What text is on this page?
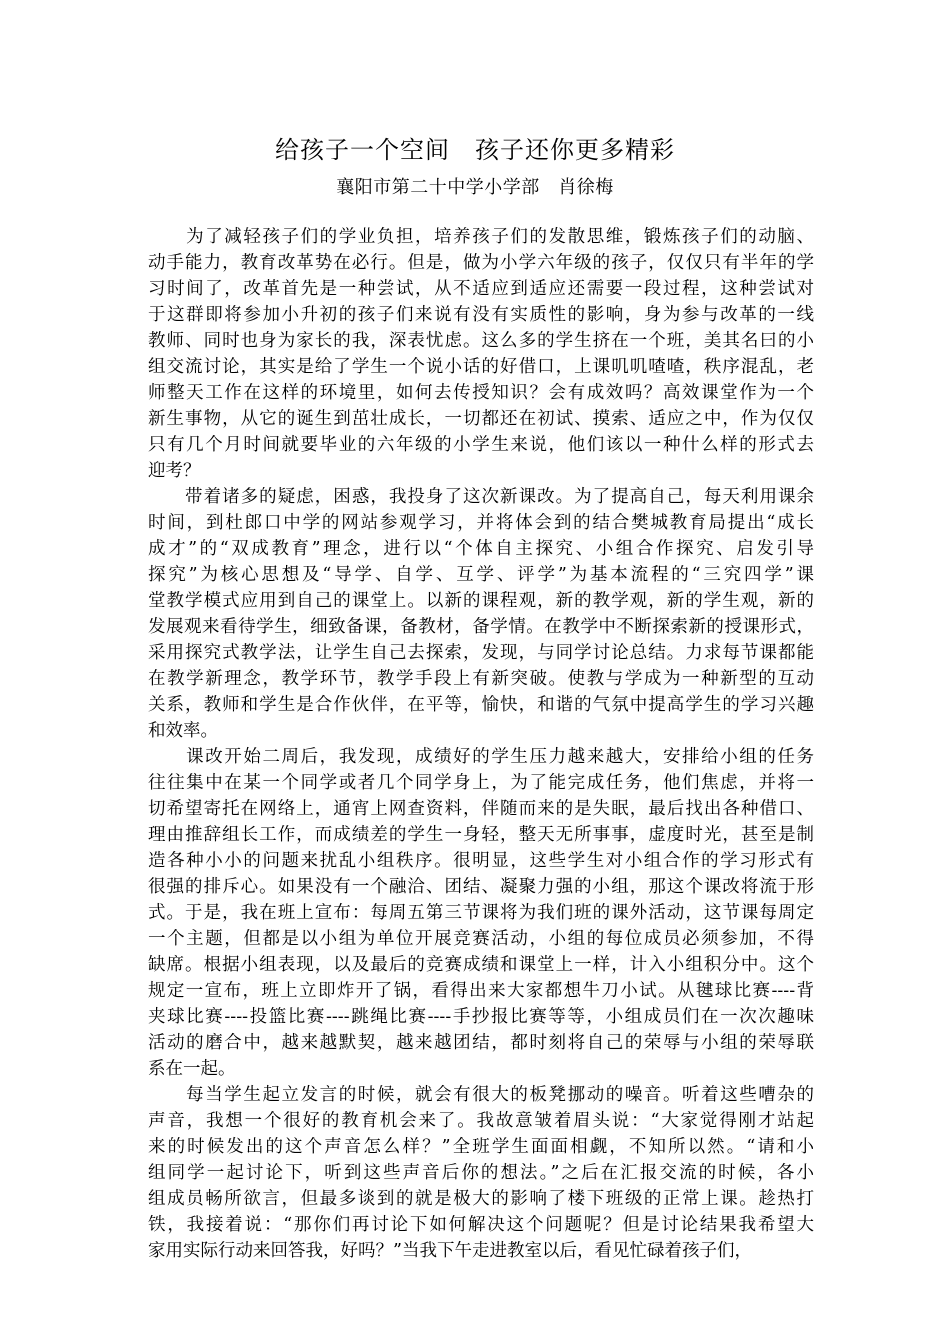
给孩子一个空间　孩子还你更多精彩
襄阳市第二十中学小学部　肖徐梅
　　为了减轻孩子们的学业负担，培养孩子们的发散思维，锻炼孩子们的动脑、
动手能力，教育改革势在必行。但是，做为小学六年级的孩子，仅仅只有半年的学
习时间了，改革首先是一种尝试，从不适应到适应还需要一段过程，这种尝试对
于这群即将参加小升初的孩子们来说有没有实质性的影响，身为参与改革的一线
教师、同时也身为家长的我，深表忧虑。这么多的学生挤在一个班，美其名曰的小
组交流讨论，其实是给了学生一个说小话的好借口，上课叽叽喳喳，秩序混乱，老
师整天工作在这样的环境里，如何去传授知识？会有成效吗？高效课堂作为一个
新生事物，从它的诞生到茁壮成长，一切都还在初试、摸索、适应之中，作为仅仅
只有几个月时间就要毕业的六年级的小学生来说，他们该以一种什么样的形式去
迎考？
　　带着诸多的疑虑，困惑，我投身了这次新课改。为了提高自己，每天利用课余
时间，到杜郎口中学的网站参观学习，并将体会到的结合樊城教育局提出“成长
成才”的“双成教育”理念，进行以“个体自主探究、小组合作探究、启发引导
探究”为核心思想及“导学、自学、互学、评学”为基本流程的“三究四学”课
堂教学模式应用到自己的课堂上。以新的课程观，新的教学观，新的学生观，新的
发展观来看待学生，细致备课，备教材，备学情。在教学中不断探索新的授课形式，
采用探究式教学法，让学生自己去探索，发现，与同学讨论总结。力求每节课都能
在教学新理念，教学环节，教学手段上有新突破。使教与学成为一种新型的互动
关系，教师和学生是合作伙伴，在平等，愉快，和谐的气氛中提高学生的学习兴趣
和效率。
　　课改开始二周后，我发现，成绩好的学生压力越来越大，安排给小组的任务
往往集中在某一个同学或者几个同学身上，为了能完成任务，他们焦虑，并将一
切希望寄托在网络上，通宵上网查资料，伴随而来的是失眠，最后找出各种借口、
理由推辞组长工作，而成绩差的学生一身轻，整天无所事事，虚度时光，甚至是制
造各种小小的问题来扰乱小组秩序。很明显，这些学生对小组合作的学习形式有
很强的排斥心。如果没有一个融洽、团结、凝聚力强的小组，那这个课改将流于形
式。于是，我在班上宣布：每周五第三节课将为我们班的课外活动，这节课每周定
一个主题，但都是以小组为单位开展竞赛活动，小组的每位成员必须参加，不得
缺席。根据小组表现，以及最后的竞赛成绩和课堂上一样，计入小组积分中。这个
规定一宣布，班上立即炸开了锅，看得出来大家都想牛刀小试。从毽球比赛----背
夹球比赛----投篮比赛----跳绳比赛----手抄报比赛等等，小组成员们在一次次趣味
活动的磨合中，越来越默契，越来越团结，都时刻将自己的荣辱与小组的荣辱联
系在一起。
　　每当学生起立发言的时候，就会有很大的板凳挪动的噪音。听着这些嘈杂的
声音，我想一个很好的教育机会来了。我故意皱着眉头说：“大家觉得刚才站起
来的时候发出的这个声音怎么样？”全班学生面面相觑，不知所以然。“请和小
组同学一起讨论下，听到这些声音后你的想法。”之后在汇报交流的时候，各小
组成员畅所欲言，但最多谈到的就是极大的影响了楼下班级的正常上课。趁热打
铁，我接着说：“那你们再讨论下如何解决这个问题呢？但是讨论结果我希望大
家用实际行动来回答我，好吗？”当我下午走进教室以后，看见忙碌着孩子们，
